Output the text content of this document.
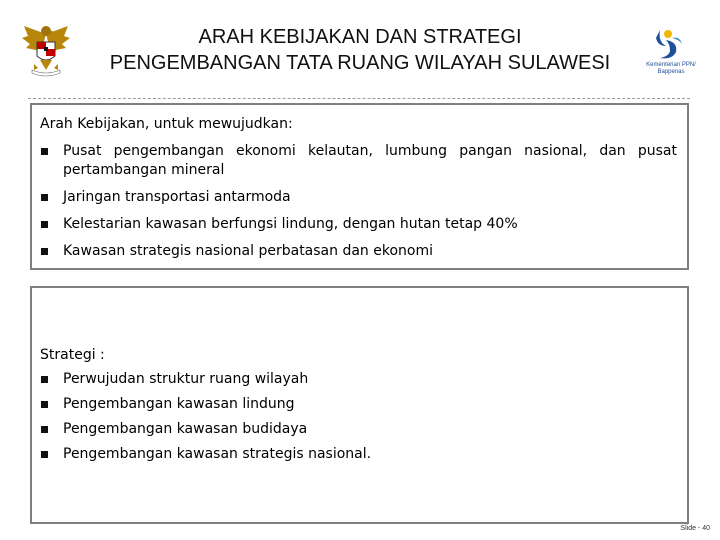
ARAH KEBIJAKAN DAN STRATEGI
PENGEMBANGAN TATA RUANG WILAYAH SULAWESI	Kementerian PPN/
Bappenas
Arah Kebijakan, untuk mewujudkan:
Pusat pengembangan ekonomi kelautan, lumbung pangan nasional, dan pusat pertambangan mineral
Jaringan transportasi antarmoda
Kelestarian kawasan berfungsi lindung, dengan hutan tetap 40%
Kawasan strategis nasional perbatasan dan ekonomi
Strategi :
Perwujudan struktur ruang wilayah
Pengembangan kawasan lindung
Pengembangan kawasan budidaya
Pengembangan kawasan strategis nasional.
Slide - 40
